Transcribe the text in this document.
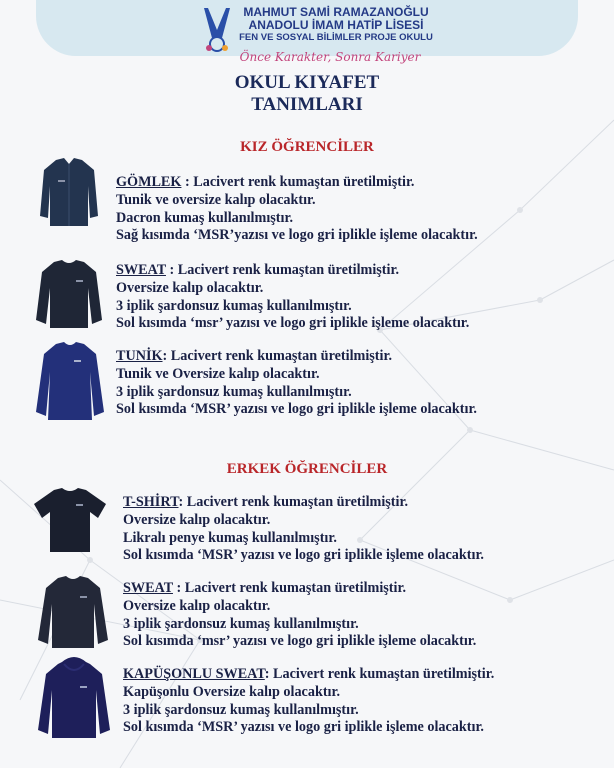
MAHMUT SAMİ RAMAZANOĞLU
ANADOLU İMAM HATİP LİSESİ
FEN VE SOSYAL BİLİMLER PROJE OKULU
Önce Karakter, Sonra Kariyer
OKUL KIYAFET
TANIMLARI
KIZ ÖĞRENCİLER
GÖMLEK : Lacivert renk kumaştan üretilmiştir.
Tunik ve oversize kalıp olacaktır.
Dacron kumaş kullanılmıştır.
Sağ kısımda ‘MSR’yazısı ve logo gri iplikle işleme olacaktır.
SWEAT : Lacivert renk kumaştan üretilmiştir.
Oversize kalıp olacaktır.
3 iplik şardonsuz kumaş kullanılmıştır.
Sol kısımda ‘msr’ yazısı ve logo gri iplikle işleme olacaktır.
TUNİK: Lacivert renk kumaştan üretilmiştir.
Tunik ve Oversize kalıp olacaktır.
3 iplik şardonsuz kumaş kullanılmıştır.
Sol kısımda ‘MSR’ yazısı ve logo gri iplikle işleme olacaktır.
ERKEK ÖĞRENCİLER
T-SHİRT: Lacivert renk kumaştan üretilmiştir.
Oversize kalıp olacaktır.
Likralı penye kumaş kullanılmıştır.
Sol kısımda ‘MSR’ yazısı ve logo gri iplikle işleme olacaktır.
SWEAT : Lacivert renk kumaştan üretilmiştir.
Oversize kalıp olacaktır.
3 iplik şardonsuz kumaş kullanılmıştır.
Sol kısımda ‘msr’ yazısı ve logo gri iplikle işleme olacaktır.
KAPÜŞONLU SWEAT: Lacivert renk kumaştan üretilmiştir.
Kapüşonlu Oversize kalıp olacaktır.
3 iplik şardonsuz kumaş kullanılmıştır.
Sol kısımda ‘MSR’ yazısı ve logo gri iplikle işleme olacaktır.
